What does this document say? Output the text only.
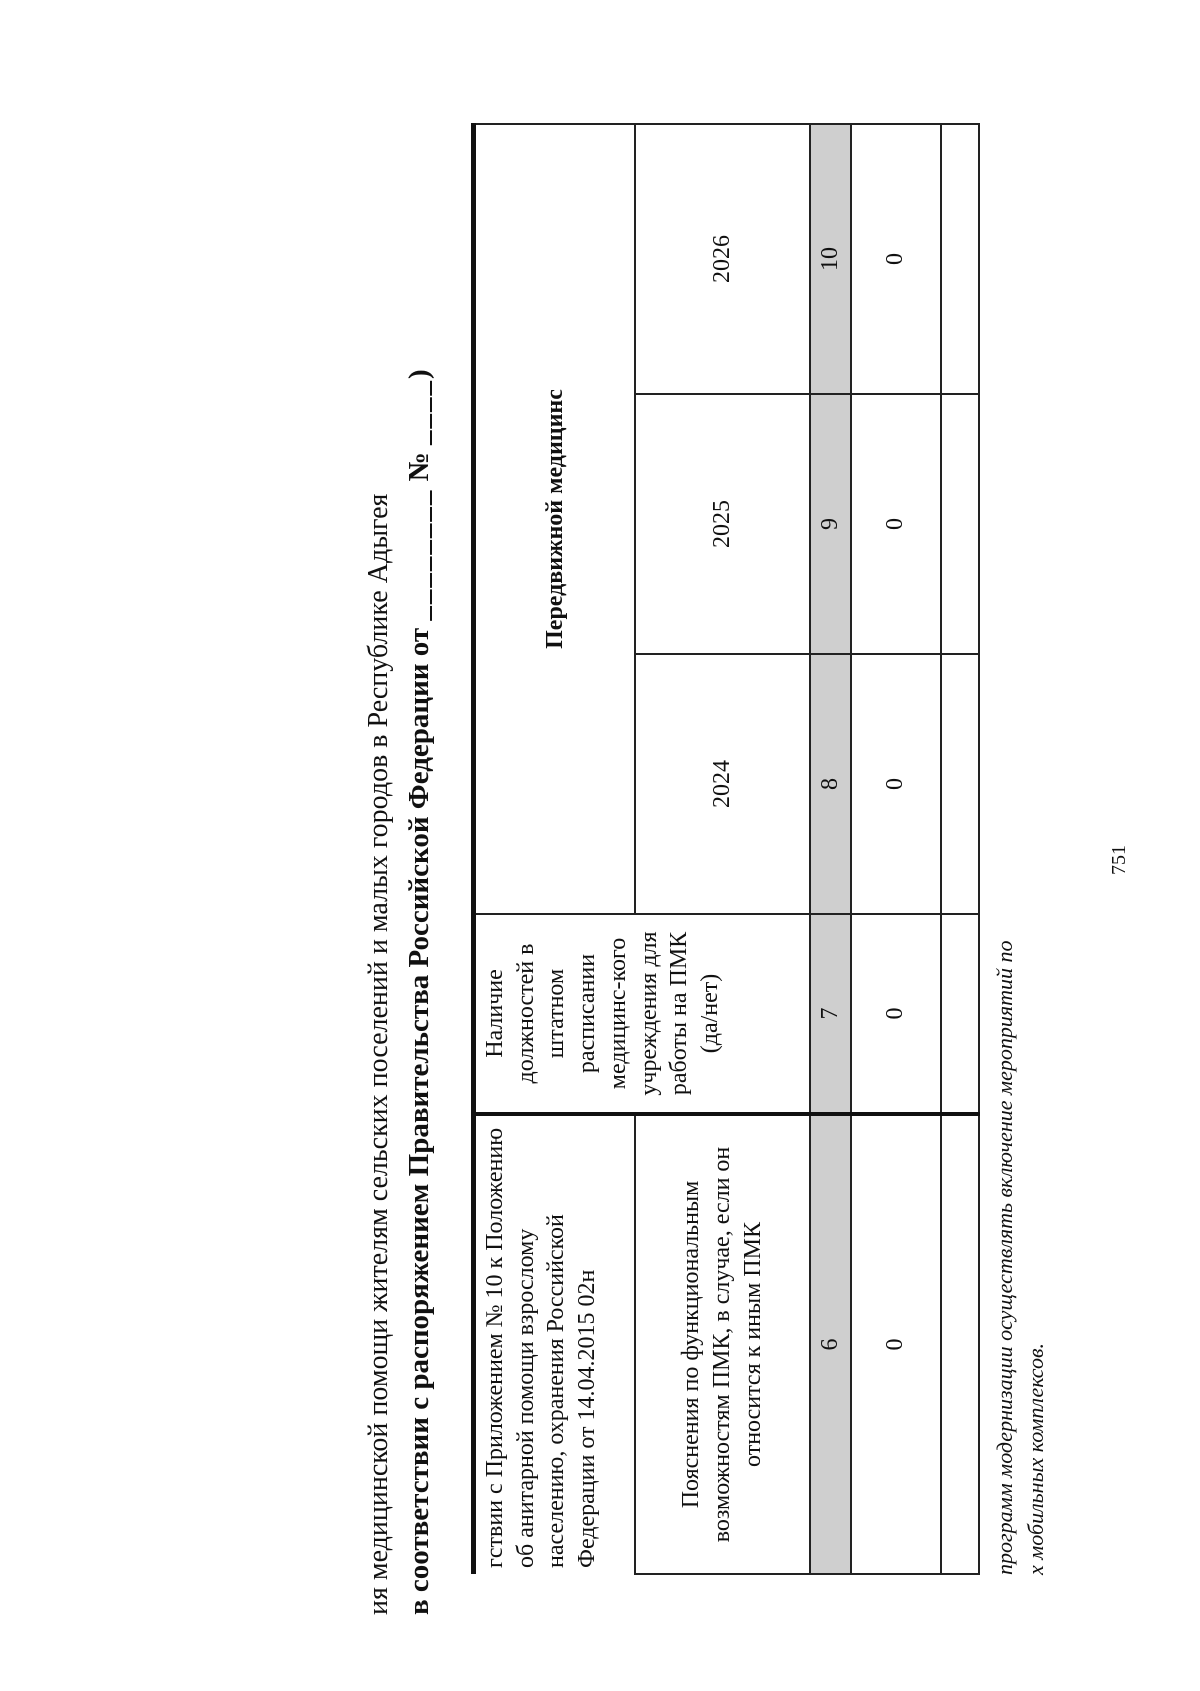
ия медицинской помощи жителям сельских поселений и малых городов в Республике Адыгея в соответствии с распоряжением Правительства Российской Федерации от ________ № ____)
гствии с Приложением № 10 к Положению об анитарной помощи взрослому населению, охранения Российской Федерации от 14.04.2015 02н	Наличие должностей в штатном расписании медицинс-кого учреждения для работы на ПМК (да/нет)	Передвижной медицинс		
Пояснения по функциональным возможностям ПМК, в случае, если он относится к иным ПМК		2024	2025	2026
6	7	8	9	10
0	0	0	0	0

программ модернизации осуществлять включение мероприятий по х мобильных комплексов.
751
